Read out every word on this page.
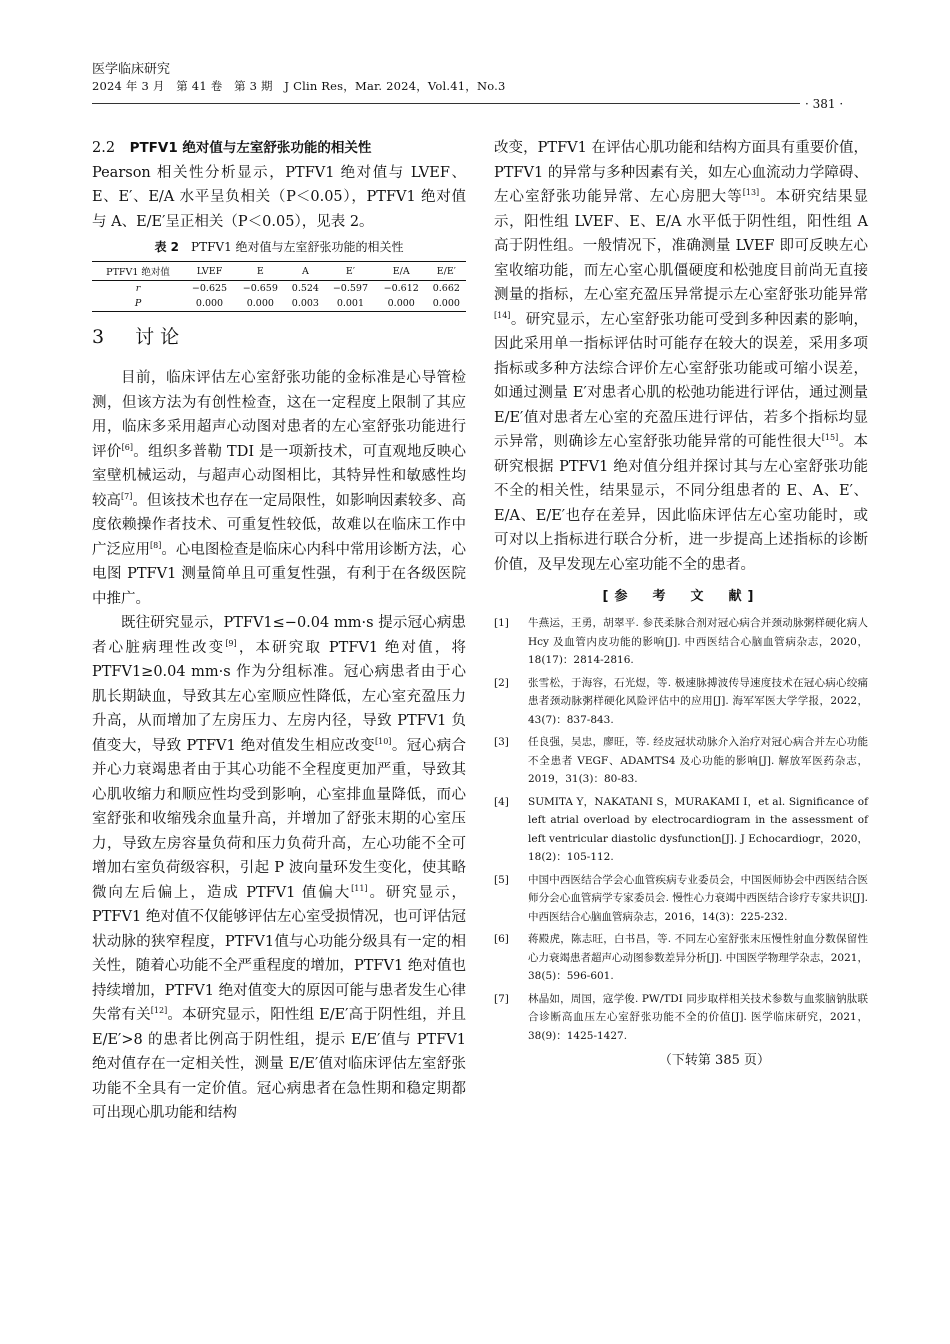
医学临床研究
2024 年 3 月　第 41 卷　第 3 期　J Clin Res，Mar. 2024，Vol.41，No.3
· 381 ·

2.2　PTFV1 绝对值与左室舒张功能的相关性

Pearson 相关性分析显示，PTFV1 绝对值与 LVEF、E、E′、E/A 水平呈负相关（P＜0.05），PTFV1 绝对值与 A、E/E′呈正相关（P＜0.05），见表 2。

表 2　 PTFV1 绝对值与左室舒张功能的相关性
PTFV1 绝对值	LVEF	E	A	E′	E/A	E/E′
r	−0.625	−0.659	0.524	−0.597	−0.612	0.662
P	0.000	0.000	0.003	0.001	0.000	0.000
3　讨论

目前，临床评估左心室舒张功能的金标准是心导管检测，但该方法为有创性检查，这在一定程度上限制了其应用，临床多采用超声心动图对患者的左心室舒张功能进行评价[6]。组织多普勒 TDI 是一项新技术，可直观地反映心室壁机械运动，与超声心动图相比，其特异性和敏感性均较高[7]。但该技术也存在一定局限性，如影响因素较多、高度依赖操作者技术、可重复性较低，故难以在临床工作中广泛应用[8]。心电图检查是临床心内科中常用诊断方法，心电图 PTFV1 测量简单且可重复性强，有利于在各级医院中推广。

既往研究显示，PTFV1≤−0.04 mm·s 提示冠心病患者心脏病理性改变[9]，本研究取 PTFV1 绝对值，将 PTFV1≥0.04 mm·s 作为分组标准。冠心病患者由于心肌长期缺血，导致其左心室顺应性降低，左心室充盈压力升高，从而增加了左房压力、左房内径，导致 PTFV1 负值变大，导致 PTFV1 绝对值发生相应改变[10]。冠心病合并心力衰竭患者由于其心功能不全程度更加严重，导致其心肌收缩力和顺应性均受到影响，心室排血量降低，而心室舒张和收缩残余血量升高，并增加了舒张末期的心室压力，导致左房容量负荷和压力负荷升高，左心功能不全可增加右室负荷级容积，引起 P 波向量环发生变化，使其略微向左后偏上，造成 PTFV1 值偏大[11]。研究显示，PTFV1 绝对值不仅能够评估左心室受损情况，也可评估冠状动脉的狭窄程度，PTFV1值与心功能分级具有一定的相关性，随着心功能不全严重程度的增加，PTFV1 绝对值也持续增加，PTFV1 绝对值变大的原因可能与患者发生心律失常有关[12]。本研究显示，阳性组 E/E′高于阴性组，并且 E/E′>8 的患者比例高于阴性组，提示 E/E′值与 PTFV1 绝对值存在一定相关性，测量 E/E′值对临床评估左室舒张功能不全具有一定价值。冠心病患者在急性期和稳定期都可出现心肌功能和结构

改变，PTFV1 在评估心肌功能和结构方面具有重要价值，PTFV1 的异常与多种因素有关，如左心血流动力学障碍、左心室舒张功能异常、左心房肥大等[13]。本研究结果显示，阳性组 LVEF、E、E/A 水平低于阴性组，阳性组 A 高于阴性组。一般情况下，准确测量 LVEF 即可反映左心室收缩功能，而左心室心肌僵硬度和松弛度目前尚无直接测量的指标，左心室充盈压异常提示左心室舒张功能异常[14]。研究显示，左心室舒张功能可受到多种因素的影响，因此采用单一指标评估时可能存在较大的误差，采用多项指标或多种方法综合评价左心室舒张功能或可缩小误差，如通过测量 E′对患者心肌的松弛功能进行评估，通过测量 E/E′值对患者左心室的充盈压进行评估，若多个指标均显示异常，则确诊左心室舒张功能异常的可能性很大[15]。本研究根据 PTFV1 绝对值分组并探讨其与左心室舒张功能不全的相关性，结果显示，不同分组患者的 E、A、E′、E/A、E/E′也存在差异，因此临床评估左心室功能时，或可对以上指标进行联合分析，进一步提高上述指标的诊断价值，及早发现左心室功能不全的患者。

[参　考　文　献]
[1]	牛燕运，王勇，胡翠平. 参芪柔脉合剂对冠心病合并颈动脉粥样硬化病人 Hcy 及血管内皮功能的影响[J]. 中西医结合心脑血管病杂志，2020，18(17)：2814-2816.
[2]	张雪松，于海容，石光煜，等. 极速脉搏波传导速度技术在冠心病心绞痛患者颈动脉粥样硬化风险评估中的应用[J]. 海军军医大学学报，2022，43(7)：837-843.
[3]	任良强，吴忠，廖旺，等. 经皮冠状动脉介入治疗对冠心病合并左心功能不全患者 VEGF、ADAMTS4 及心功能的影响[J]. 解放军医药杂志，2019，31(3)：80-83.
[4]	SUMITA Y，NAKATANI S，MURAKAMI I，et al. Significance of left atrial overload by electrocardiogram in the assessment of left ventricular diastolic dysfunction[J]. J Echocardiogr，2020，18(2)：105-112.
[5]	中国中西医结合学会心血管疾病专业委员会，中国医师协会中西医结合医师分会心血管病学专家委员会. 慢性心力衰竭中西医结合诊疗专家共识[J]. 中西医结合心脑血管病杂志，2016，14(3)：225-232.
[6]	蒋殿虎，陈志旺，白书昌，等. 不同左心室舒张末压慢性射血分数保留性心力衰竭患者超声心动图参数差异分析[J]. 中国医学物理学杂志，2021，38(5)：596-601.
[7]	林晶如，周国，寇学俊. PW/TDI 同步取样相关技术参数与血浆脑钠肽联合诊断高血压左心室舒张功能不全的价值[J]. 医学临床研究，2021，38(9)：1425-1427.
（下转第 385 页）
